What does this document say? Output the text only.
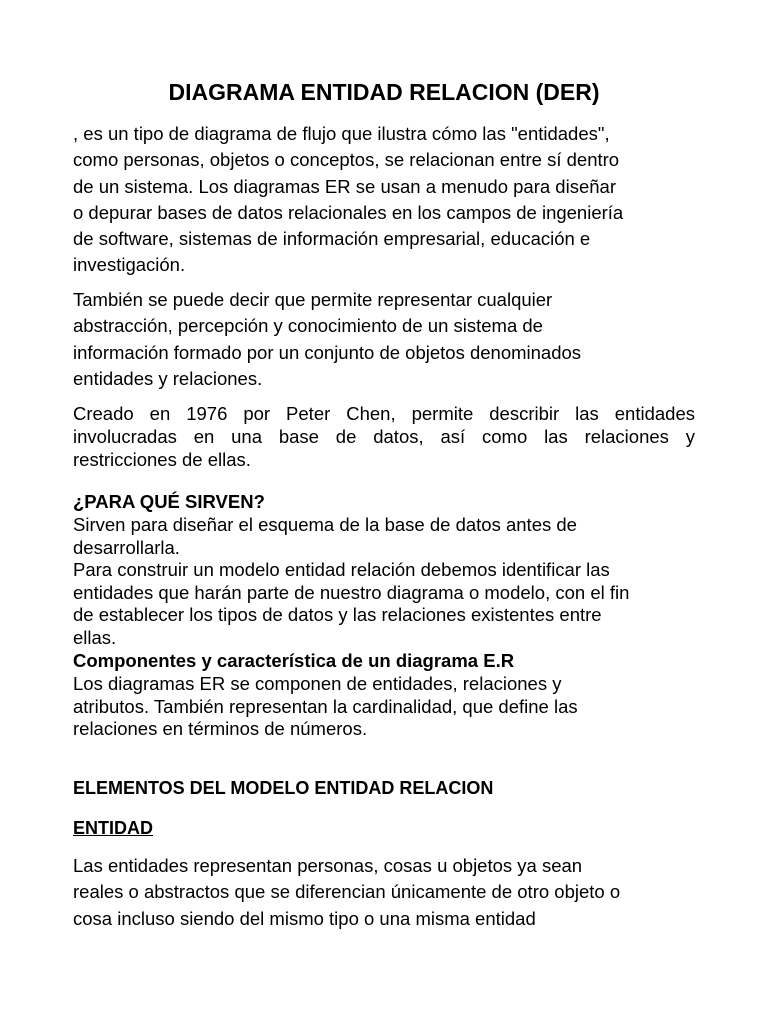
DIAGRAMA ENTIDAD RELACION (DER)

, es un tipo de diagrama de flujo que ilustra cómo las "entidades",
como personas, objetos o conceptos, se relacionan entre sí dentro
de un sistema. Los diagramas ER se usan a menudo para diseñar
o depurar bases de datos relacionales en los campos de ingeniería
de software, sistemas de información empresarial, educación e
investigación.

También se puede decir que permite representar cualquier
abstracción, percepción y conocimiento de un sistema de
información formado por un conjunto de objetos denominados
entidades y relaciones.

Creado en 1976 por Peter Chen, permite describir las entidades
involucradas en una base de datos, así como las relaciones y
restricciones de ellas.

¿PARA QUÉ SIRVEN?

Sirven para diseñar el esquema de la base de datos antes de
desarrollarla.
Para construir un modelo entidad relación debemos identificar las
entidades que harán parte de nuestro diagrama o modelo, con el fin
de establecer los tipos de datos y las relaciones existentes entre
ellas.

Componentes y característica de un diagrama E.R

Los diagramas ER se componen de entidades, relaciones y
atributos. También representan la cardinalidad, que define las
relaciones en términos de números.

ELEMENTOS DEL MODELO ENTIDAD RELACION
ENTIDAD

Las entidades representan personas, cosas u objetos ya sean
reales o abstractos que se diferencian únicamente de otro objeto o
cosa incluso siendo del mismo tipo o una misma entidad
